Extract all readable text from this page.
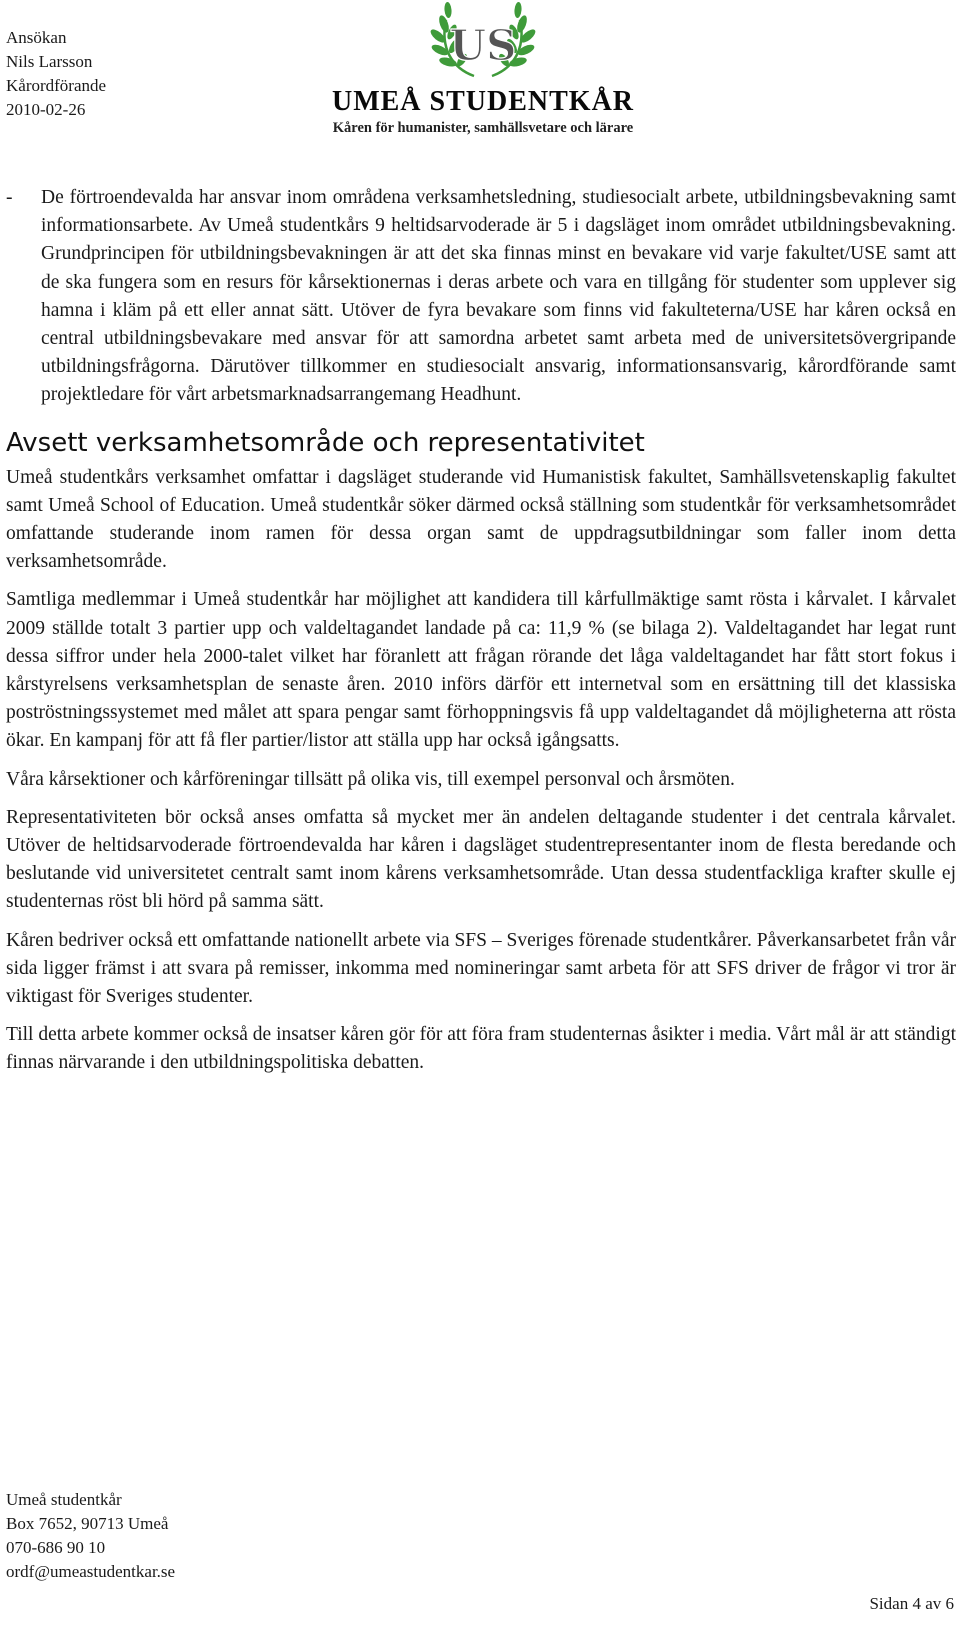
Ansökan
Nils Larsson
Kårordförande
2010-02-26
US
UMEÅ STUDENTKÅR
Kåren för humanister, samhällsvetare och lärare
- De förtroendevalda har ansvar inom områdena verksamhetsledning, studiesocialt arbete, utbildningsbevakning samt informationsarbete. Av Umeå studentkårs 9 heltidsarvoderade är 5 i dagsläget inom området utbildningsbevakning. Grundprincipen för utbildningsbevakningen är att det ska finnas minst en bevakare vid varje fakultet/USE samt att de ska fungera som en resurs för kårsektionernas i deras arbete och vara en tillgång för studenter som upplever sig hamna i kläm på ett eller annat sätt. Utöver de fyra bevakare som finns vid fakulteterna/USE har kåren också en central utbildningsbevakare med ansvar för att samordna arbetet samt arbeta med de universitetsövergripande utbildningsfrågorna. Därutöver tillkommer en studiesocialt ansvarig, informationsansvarig, kårordförande samt projektledare för vårt arbetsmarknadsarrangemang Headhunt.

Avsett verksamhetsområde och representativitet

Umeå studentkårs verksamhet omfattar i dagsläget studerande vid Humanistisk fakultet, Samhällsvetenskaplig fakultet samt Umeå School of Education. Umeå studentkår söker därmed också ställning som studentkår för verksamhetsområdet omfattande studerande inom ramen för dessa organ samt de uppdragsutbildningar som faller inom detta verksamhetsområde.

Samtliga medlemmar i Umeå studentkår har möjlighet att kandidera till kårfullmäktige samt rösta i kårvalet. I kårvalet 2009 ställde totalt 3 partier upp och valdeltagandet landade på ca: 11,9 % (se bilaga 2). Valdeltagandet har legat runt dessa siffror under hela 2000-talet vilket har föranlett att frågan rörande det låga valdeltagandet har fått stort fokus i kårstyrelsens verksamhetsplan de senaste åren. 2010 införs därför ett internetval som en ersättning till det klassiska poströstningssystemet med målet att spara pengar samt förhoppningsvis få upp valdeltagandet då möjligheterna att rösta ökar. En kampanj för att få fler partier/listor att ställa upp har också igångsatts.

Våra kårsektioner och kårföreningar tillsätt på olika vis, till exempel personval och årsmöten.

Representativiteten bör också anses omfatta så mycket mer än andelen deltagande studenter i det centrala kårvalet. Utöver de heltidsarvoderade förtroendevalda har kåren i dagsläget studentrepresentanter inom de flesta beredande och beslutande vid universitetet centralt samt inom kårens verksamhetsområde. Utan dessa studentfackliga krafter skulle ej studenternas röst bli hörd på samma sätt.

Kåren bedriver också ett omfattande nationellt arbete via SFS – Sveriges förenade studentkårer. Påverkansarbetet från vår sida ligger främst i att svara på remisser, inkomma med nomineringar samt arbeta för att SFS driver de frågor vi tror är viktigast för Sveriges studenter.

Till detta arbete kommer också de insatser kåren gör för att föra fram studenternas åsikter i media. Vårt mål är att ständigt finnas närvarande i den utbildningspolitiska debatten.

Umeå studentkår
Box 7652, 90713 Umeå
070-686 90 10
ordf@umeastudentkar.se
Sidan 4 av 6
